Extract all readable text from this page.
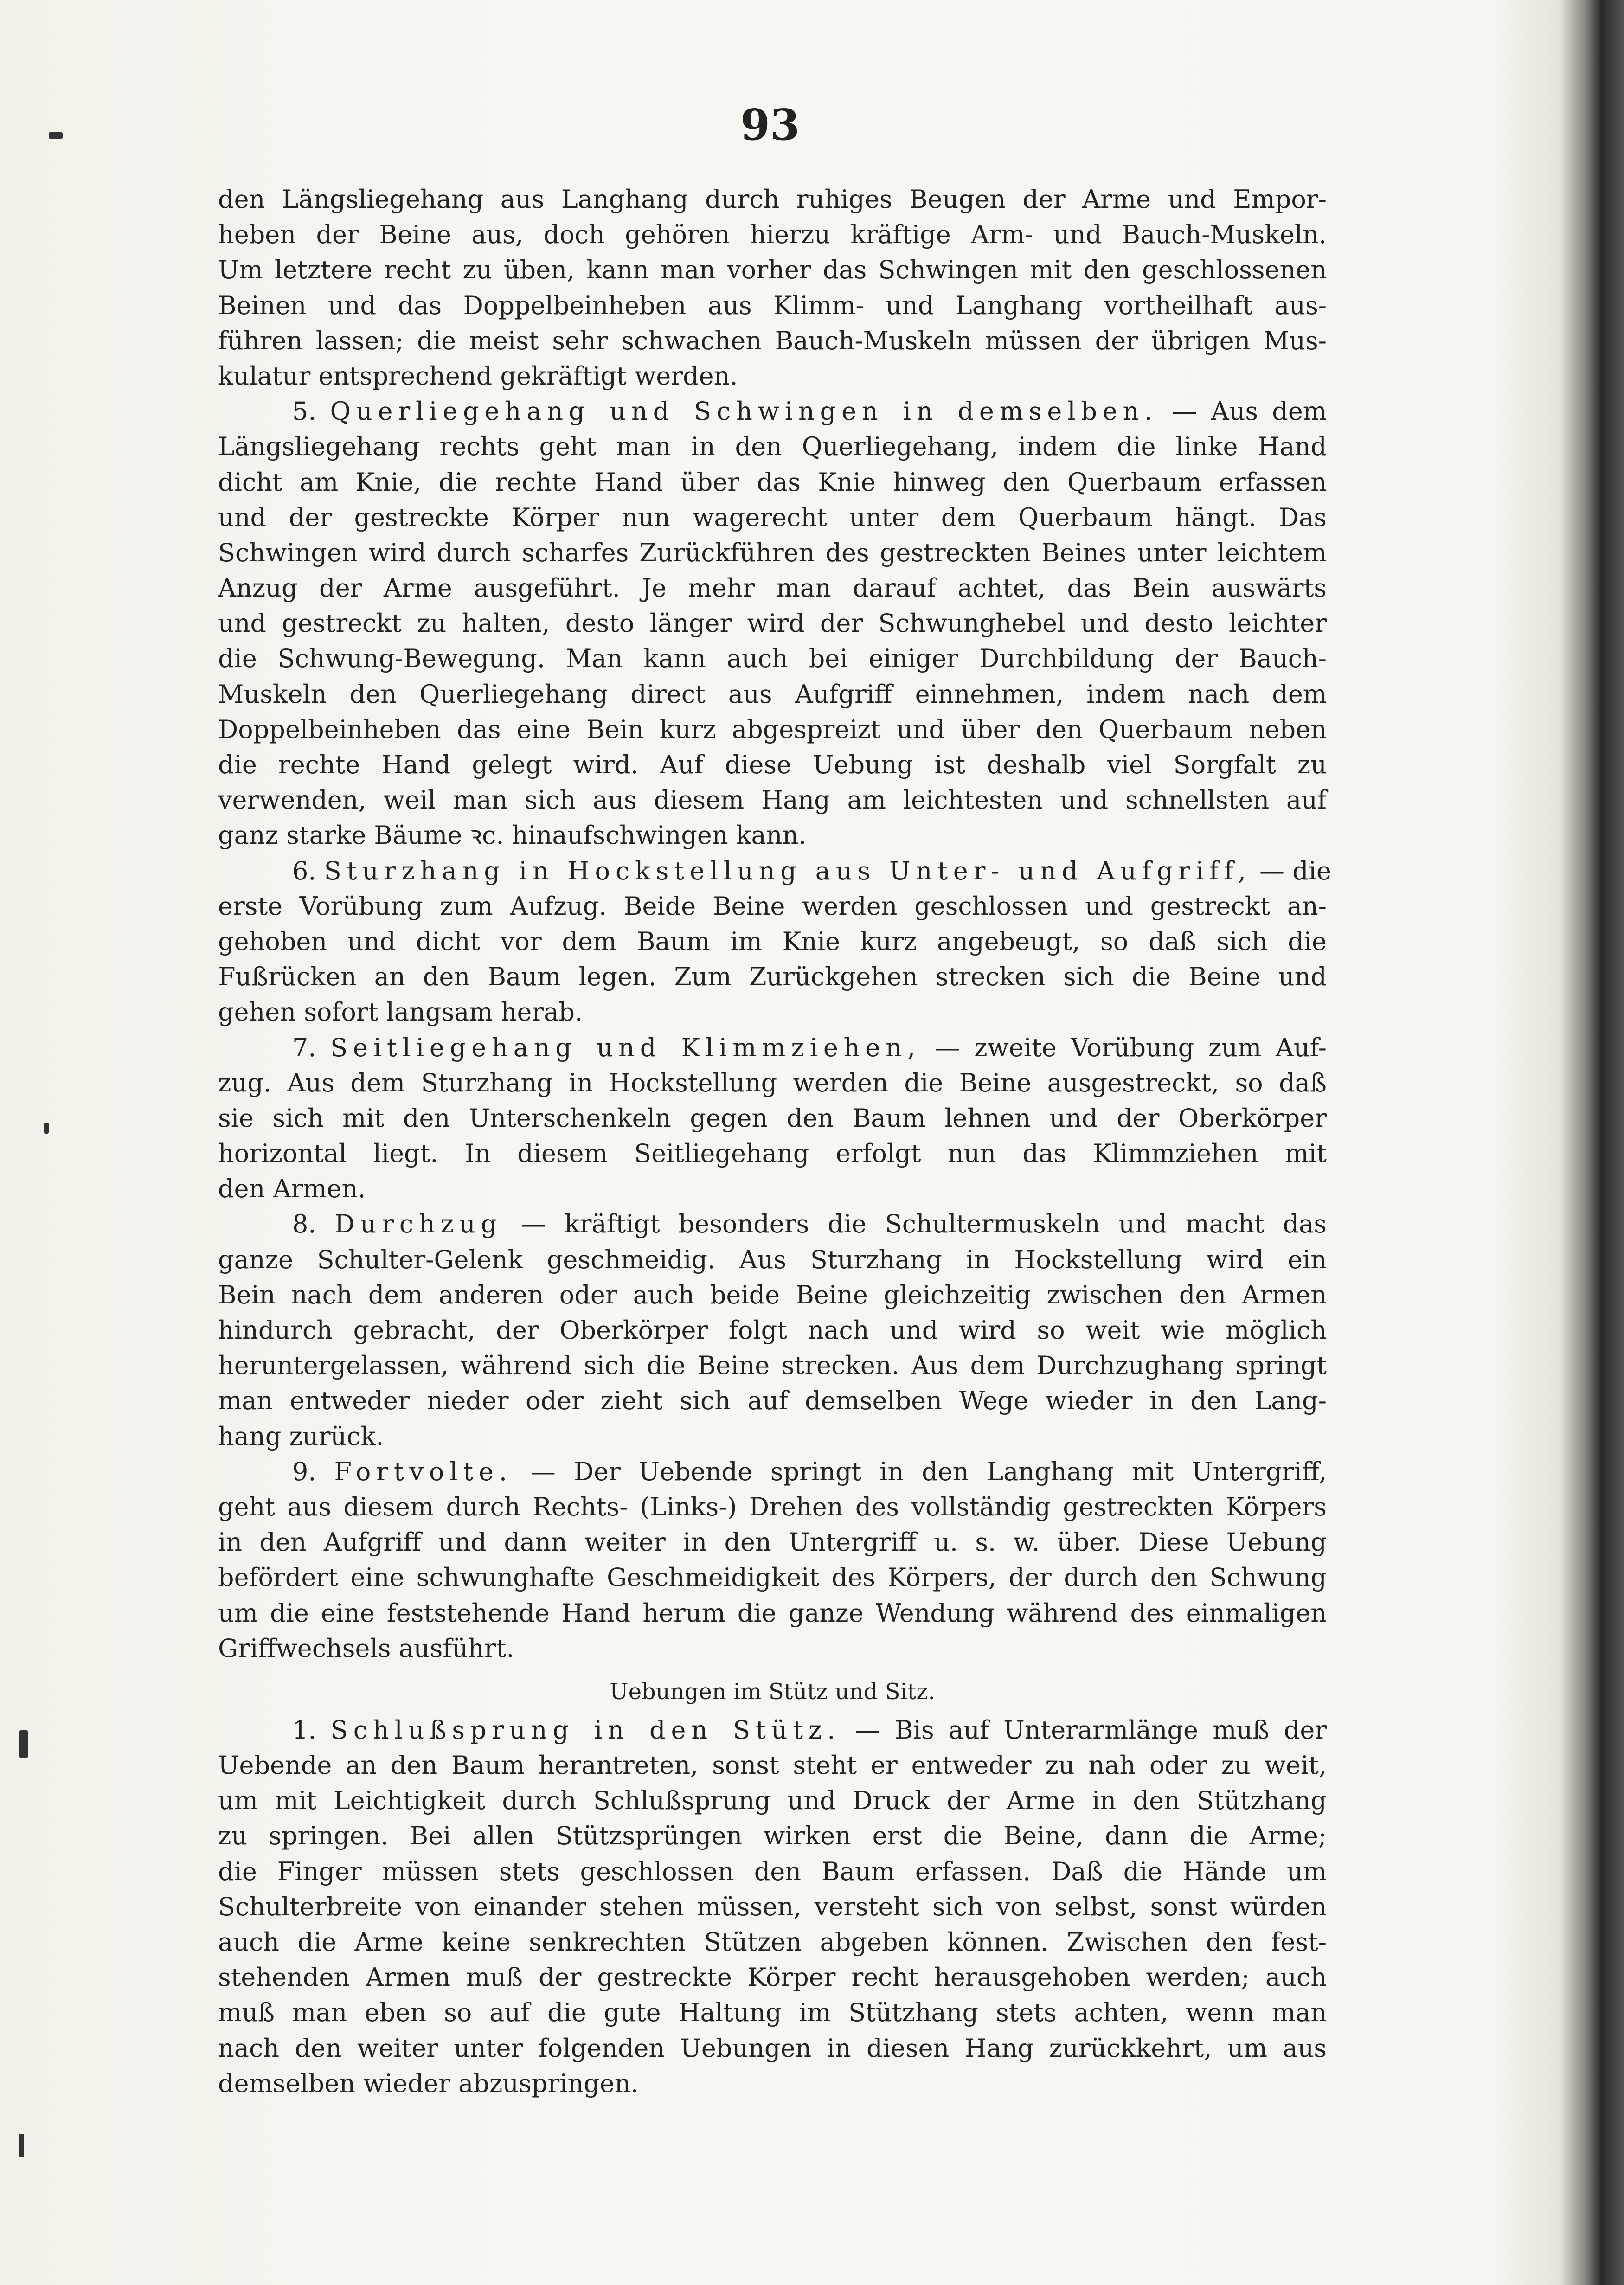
93
den Längsliegehang aus Langhang durch ruhiges Beugen der Arme und Empor-
heben der Beine aus, doch gehören hierzu kräftige Arm- und Bauch-Muskeln.
Um letztere recht zu üben, kann man vorher das Schwingen mit den geschlossenen
Beinen und das Doppelbeinheben aus Klimm- und Langhang vortheilhaft aus-
führen lassen; die meist sehr schwachen Bauch-Muskeln müssen der übrigen Mus-
kulatur entsprechend gekräftigt werden.
5. Querliegehang und Schwingen in demselben. — Aus dem
Längsliegehang rechts geht man in den Querliegehang, indem die linke Hand
dicht am Knie, die rechte Hand über das Knie hinweg den Querbaum erfassen
und der gestreckte Körper nun wagerecht unter dem Querbaum hängt. Das
Schwingen wird durch scharfes Zurückführen des gestreckten Beines unter leichtem
Anzug der Arme ausgeführt. Je mehr man darauf achtet, das Bein auswärts
und gestreckt zu halten, desto länger wird der Schwunghebel und desto leichter
die Schwung-Bewegung. Man kann auch bei einiger Durchbildung der Bauch-
Muskeln den Querliegehang direct aus Aufgriff einnehmen, indem nach dem
Doppelbeinheben das eine Bein kurz abgespreizt und über den Querbaum neben
die rechte Hand gelegt wird. Auf diese Uebung ist deshalb viel Sorgfalt zu
verwenden, weil man sich aus diesem Hang am leichtesten und schnellsten auf
ganz starke Bäume ꝛc. hinaufschwingen kann.
6. Sturzhang in Hockstellung aus Unter- und Aufgriff, — die
erste Vorübung zum Aufzug. Beide Beine werden geschlossen und gestreckt an-
gehoben und dicht vor dem Baum im Knie kurz angebeugt, so daß sich die
Fußrücken an den Baum legen. Zum Zurückgehen strecken sich die Beine und
gehen sofort langsam herab.
7. Seitliegehang und Klimmziehen, — zweite Vorübung zum Auf-
zug. Aus dem Sturzhang in Hockstellung werden die Beine ausgestreckt, so daß
sie sich mit den Unterschenkeln gegen den Baum lehnen und der Oberkörper
horizontal liegt. In diesem Seitliegehang erfolgt nun das Klimmziehen mit
den Armen.
8. Durchzug — kräftigt besonders die Schultermuskeln und macht das
ganze Schulter-Gelenk geschmeidig. Aus Sturzhang in Hockstellung wird ein
Bein nach dem anderen oder auch beide Beine gleichzeitig zwischen den Armen
hindurch gebracht, der Oberkörper folgt nach und wird so weit wie möglich
heruntergelassen, während sich die Beine strecken. Aus dem Durchzughang springt
man entweder nieder oder zieht sich auf demselben Wege wieder in den Lang-
hang zurück.
9. Fortvolte. — Der Uebende springt in den Langhang mit Untergriff,
geht aus diesem durch Rechts- (Links-) Drehen des vollständig gestreckten Körpers
in den Aufgriff und dann weiter in den Untergriff u. s. w. über. Diese Uebung
befördert eine schwunghafte Geschmeidigkeit des Körpers, der durch den Schwung
um die eine feststehende Hand herum die ganze Wendung während des einmaligen
Griffwechsels ausführt.
Uebungen im Stütz und Sitz.
1. Schlußsprung in den Stütz. — Bis auf Unterarmlänge muß der
Uebende an den Baum herantreten, sonst steht er entweder zu nah oder zu weit,
um mit Leichtigkeit durch Schlußsprung und Druck der Arme in den Stützhang
zu springen. Bei allen Stützsprüngen wirken erst die Beine, dann die Arme;
die Finger müssen stets geschlossen den Baum erfassen. Daß die Hände um
Schulterbreite von einander stehen müssen, versteht sich von selbst, sonst würden
auch die Arme keine senkrechten Stützen abgeben können. Zwischen den fest-
stehenden Armen muß der gestreckte Körper recht herausgehoben werden; auch
muß man eben so auf die gute Haltung im Stützhang stets achten, wenn man
nach den weiter unter folgenden Uebungen in diesen Hang zurückkehrt, um aus
demselben wieder abzuspringen.
